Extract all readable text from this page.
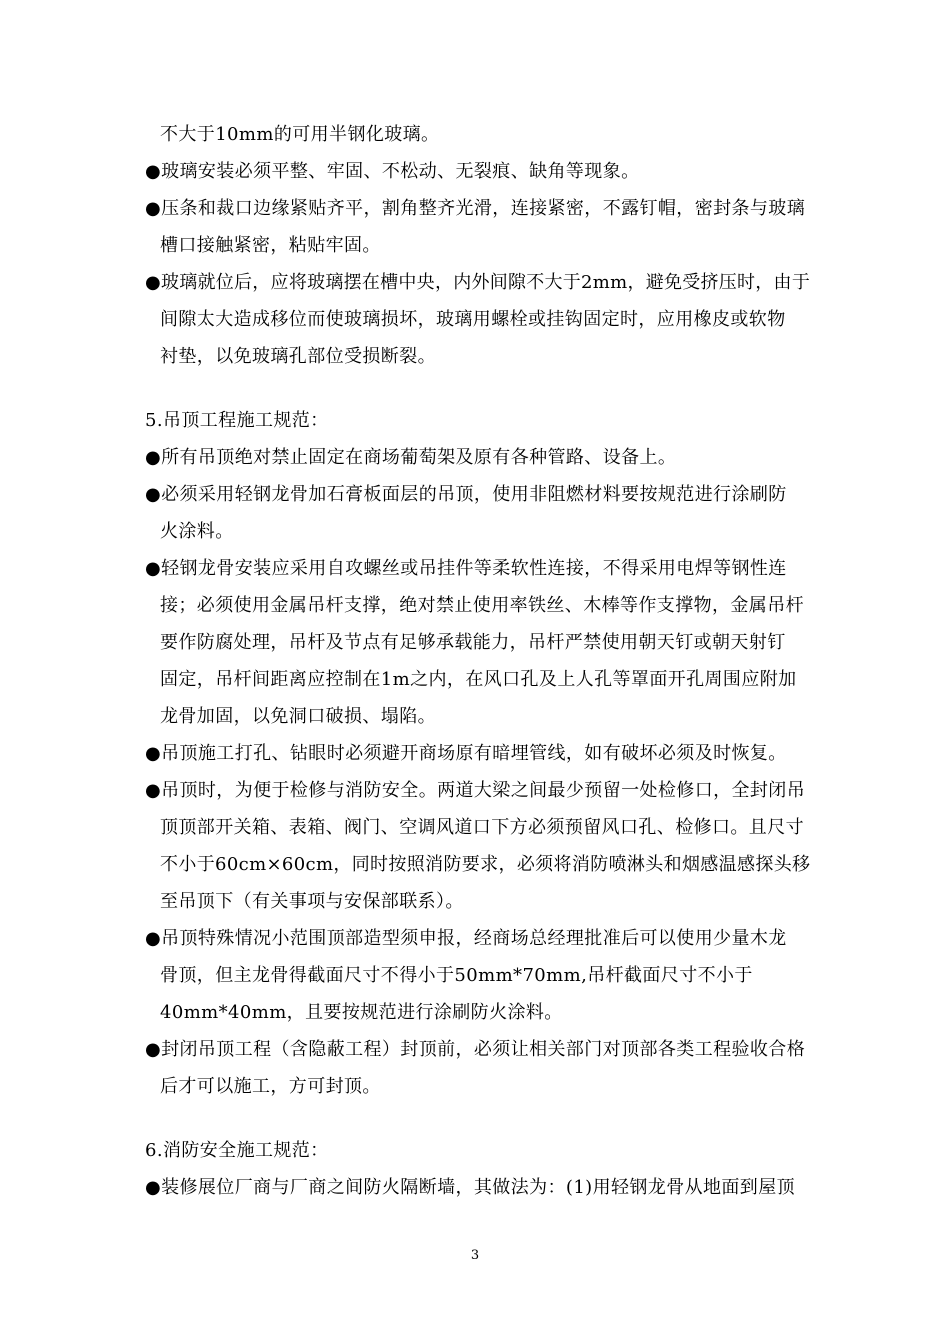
不大于10mm的可用半钢化玻璃。
●玻璃安装必须平整、牢固、不松动、无裂痕、缺角等现象。
●压条和裁口边缘紧贴齐平，割角整齐光滑，连接紧密，不露钉帽，密封条与玻璃
槽口接触紧密，粘贴牢固。
●玻璃就位后，应将玻璃摆在槽中央，内外间隙不大于2mm，避免受挤压时，由于
间隙太大造成移位而使玻璃损坏，玻璃用螺栓或挂钩固定时，应用橡皮或软物
衬垫，以免玻璃孔部位受损断裂。
5.吊顶工程施工规范：
●所有吊顶绝对禁止固定在商场葡萄架及原有各种管路、设备上。
●必须采用轻钢龙骨加石膏板面层的吊顶，使用非阻燃材料要按规范进行涂刷防
火涂料。
●轻钢龙骨安装应采用自攻螺丝或吊挂件等柔软性连接，不得采用电焊等钢性连
接；必须使用金属吊杆支撑，绝对禁止使用率铁丝、木棒等作支撑物，金属吊杆
要作防腐处理，吊杆及节点有足够承载能力，吊杆严禁使用朝天钉或朝天射钉
固定，吊杆间距离应控制在1m之内，在风口孔及上人孔等罩面开孔周围应附加
龙骨加固，以免洞口破损、塌陷。
●吊顶施工打孔、钻眼时必须避开商场原有暗埋管线，如有破坏必须及时恢复。
●吊顶时，为便于检修与消防安全。两道大梁之间最少预留一处检修口，全封闭吊
顶顶部开关箱、表箱、阀门、空调风道口下方必须预留风口孔、检修口。且尺寸
不小于60cm×60cm，同时按照消防要求，必须将消防喷淋头和烟感温感探头移
至吊顶下（有关事项与安保部联系）。
●吊顶特殊情况小范围顶部造型须申报，经商场总经理批准后可以使用少量木龙
骨顶，但主龙骨得截面尺寸不得小于50mm*70mm,吊杆截面尺寸不小于
40mm*40mm，且要按规范进行涂刷防火涂料。
●封闭吊顶工程（含隐蔽工程）封顶前，必须让相关部门对顶部各类工程验收合格
后才可以施工，方可封顶。
6.消防安全施工规范：
●装修展位厂商与厂商之间防火隔断墙，其做法为：(1)用轻钢龙骨从地面到屋顶
3
